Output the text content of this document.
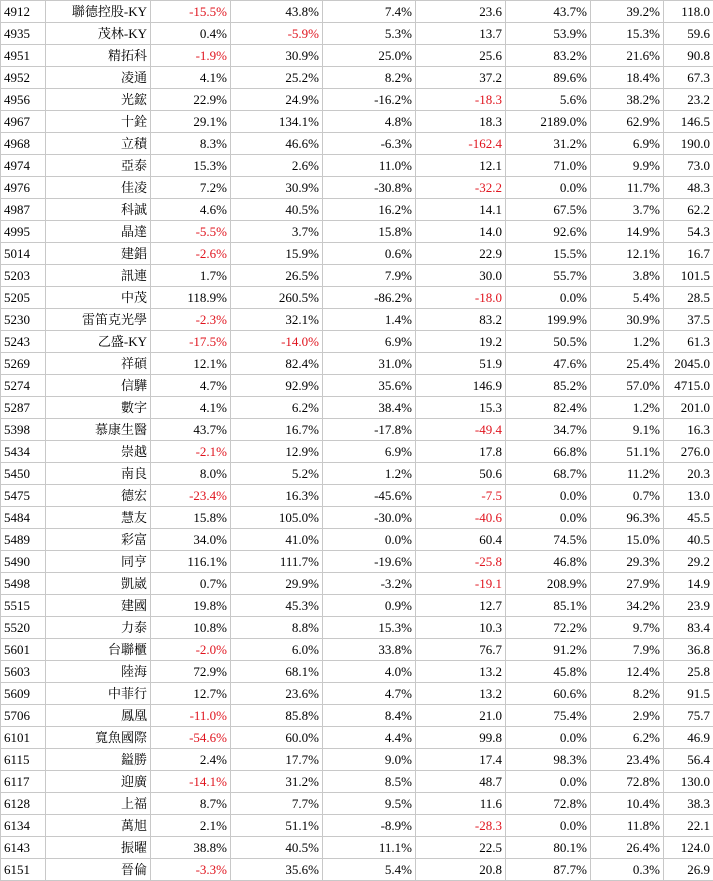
4912	聯德控股-KY	-15.5%	43.8%	7.4%	23.6	43.7%	39.2%	118.0	
4935	茂林-KY	0.4%	-5.9%	5.3%	13.7	53.9%	15.3%	59.6	
4951	精拓科	-1.9%	30.9%	25.0%	25.6	83.2%	21.6%	90.8	
4952	凌通	4.1%	25.2%	8.2%	37.2	89.6%	18.4%	67.3	
4956	光鋐	22.9%	24.9%	-16.2%	-18.3	5.6%	38.2%	23.2	
4967	十銓	29.1%	134.1%	4.8%	18.3	2189.0%	62.9%	146.5	
4968	立積	8.3%	46.6%	-6.3%	-162.4	31.2%	6.9%	190.0	
4974	亞泰	15.3%	2.6%	11.0%	12.1	71.0%	9.9%	73.0	
4976	佳凌	7.2%	30.9%	-30.8%	-32.2	0.0%	11.7%	48.3	
4987	科誠	4.6%	40.5%	16.2%	14.1	67.5%	3.7%	62.2	
4995	晶達	-5.5%	3.7%	15.8%	14.0	92.6%	14.9%	54.3	
5014	建錩	-2.6%	15.9%	0.6%	22.9	15.5%	12.1%	16.7	
5203	訊連	1.7%	26.5%	7.9%	30.0	55.7%	3.8%	101.5	
5205	中茂	118.9%	260.5%	-86.2%	-18.0	0.0%	5.4%	28.5	
5230	雷笛克光學	-2.3%	32.1%	1.4%	83.2	199.9%	30.9%	37.5	
5243	乙盛-KY	-17.5%	-14.0%	6.9%	19.2	50.5%	1.2%	61.3	
5269	祥碩	12.1%	82.4%	31.0%	51.9	47.6%	25.4%	2045.0	
5274	信驊	4.7%	92.9%	35.6%	146.9	85.2%	57.0%	4715.0	
5287	數字	4.1%	6.2%	38.4%	15.3	82.4%	1.2%	201.0	
5398	慕康生醫	43.7%	16.7%	-17.8%	-49.4	34.7%	9.1%	16.3	
5434	崇越	-2.1%	12.9%	6.9%	17.8	66.8%	51.1%	276.0	
5450	南良	8.0%	5.2%	1.2%	50.6	68.7%	11.2%	20.3	
5475	德宏	-23.4%	16.3%	-45.6%	-7.5	0.0%	0.7%	13.0	
5484	慧友	15.8%	105.0%	-30.0%	-40.6	0.0%	96.3%	45.5	
5489	彩富	34.0%	41.0%	0.0%	60.4	74.5%	15.0%	40.5	
5490	同亨	116.1%	111.7%	-19.6%	-25.8	46.8%	29.3%	29.2	
5498	凱崴	0.7%	29.9%	-3.2%	-19.1	208.9%	27.9%	14.9	
5515	建國	19.8%	45.3%	0.9%	12.7	85.1%	34.2%	23.9	
5520	力泰	10.8%	8.8%	15.3%	10.3	72.2%	9.7%	83.4	
5601	台聯櫃	-2.0%	6.0%	33.8%	76.7	91.2%	7.9%	36.8	
5603	陸海	72.9%	68.1%	4.0%	13.2	45.8%	12.4%	25.8	
5609	中菲行	12.7%	23.6%	4.7%	13.2	60.6%	8.2%	91.5	
5706	鳳凰	-11.0%	85.8%	8.4%	21.0	75.4%	2.9%	75.7	
6101	寬魚國際	-54.6%	60.0%	4.4%	99.8	0.0%	6.2%	46.9	
6115	鎰勝	2.4%	17.7%	9.0%	17.4	98.3%	23.4%	56.4	
6117	迎廣	-14.1%	31.2%	8.5%	48.7	0.0%	72.8%	130.0	
6128	上福	8.7%	7.7%	9.5%	11.6	72.8%	10.4%	38.3	
6134	萬旭	2.1%	51.1%	-8.9%	-28.3	0.0%	11.8%	22.1	
6143	振曜	38.8%	40.5%	11.1%	22.5	80.1%	26.4%	124.0	
6151	晉倫	-3.3%	35.6%	5.4%	20.8	87.7%	0.3%	26.9	
